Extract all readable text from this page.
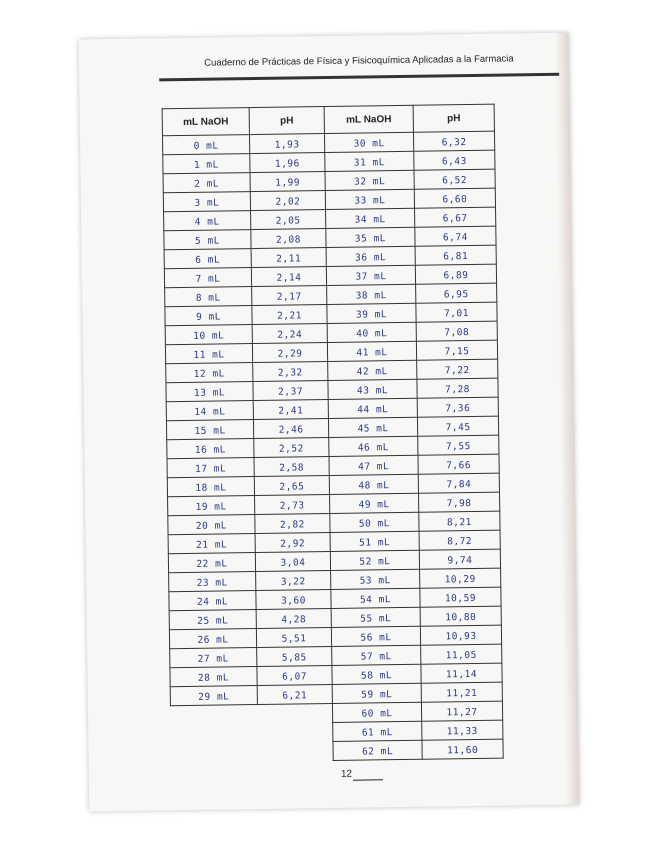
Cuaderno de Prácticas de Física y Fisicoquímica Aplicadas a la Farmacia
mL NaOH	pH	mL NaOH	pH
0 mL	1,93	30 mL	6,32
1 mL	1,96	31 mL	6,43
2 mL	1,99	32 mL	6,52
3 mL	2,02	33 mL	6,60
4 mL	2,05	34 mL	6,67
5 mL	2,08	35 mL	6,74
6 mL	2,11	36 mL	6,81
7 mL	2,14	37 mL	6,89
8 mL	2,17	38 mL	6,95
9 mL	2,21	39 mL	7,01
10 mL	2,24	40 mL	7,08
11 mL	2,29	41 mL	7,15
12 mL	2,32	42 mL	7,22
13 mL	2,37	43 mL	7,28
14 mL	2,41	44 mL	7,36
15 mL	2,46	45 mL	7,45
16 mL	2,52	46 mL	7,55
17 mL	2,58	47 mL	7,66
18 mL	2,65	48 mL	7,84
19 mL	2,73	49 mL	7,98
20 mL	2,82	50 mL	8,21
21 mL	2,92	51 mL	8,72
22 mL	3,04	52 mL	9,74
23 mL	3,22	53 mL	10,29
24 mL	3,60	54 mL	10,59
25 mL	4,28	55 mL	10,80
26 mL	5,51	56 mL	10,93
27 mL	5,85	57 mL	11,05
28 mL	6,07	58 mL	11,14
29 mL	6,21	59 mL	11,21
		60 mL	11,27
		61 mL	11,33
		62 mL	11,60
12
